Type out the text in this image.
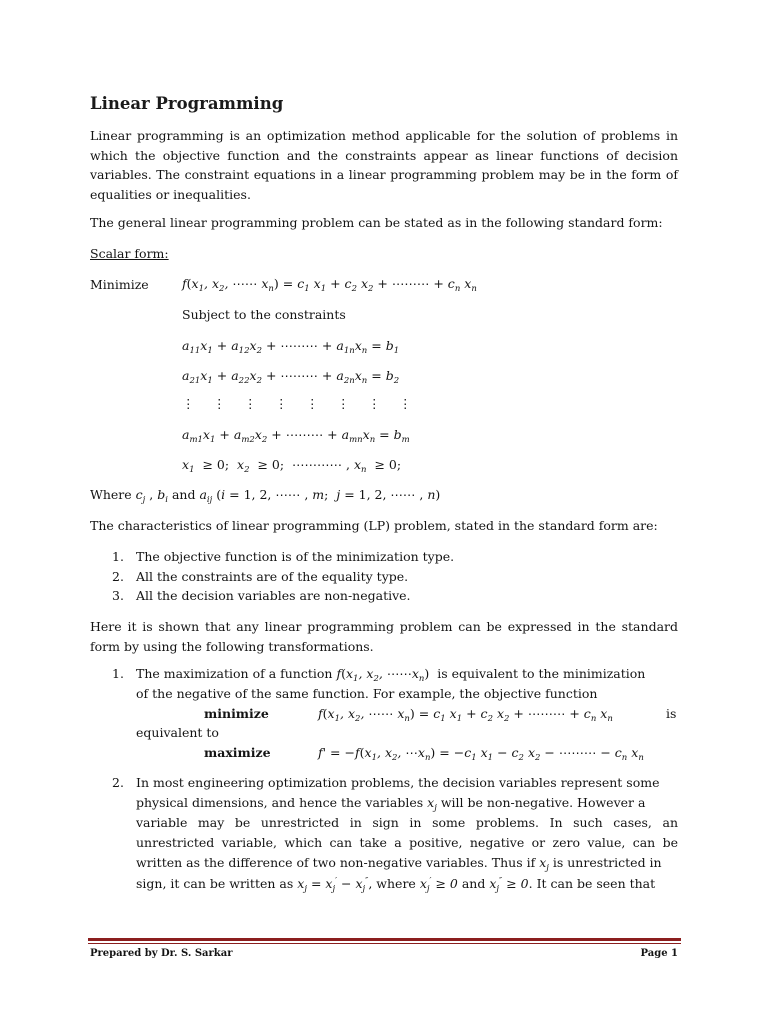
Linear Programming
Linear programming is an optimization method applicable for the solution of problems in which the objective function and the constraints appear as linear functions of decision variables. The constraint equations in a linear programming problem may be in the form of equalities or inequalities.
The general linear programming problem can be stated as in the following standard form:
Scalar form:
Minimize	$f(x_1$, $x_2$, ⋯⋯ $x_n) = c_1$ $x_1 + c_2$ $x_2$ + ⋯⋯⋯ + $c_n$ $x_n$
Subject to the constraints
$a_{11}x_1 + a_{12}x_2$ + ⋯⋯⋯ + $a_{1n}x_n = b_1$
$a_{21}x_1 + a_{22}x_2$ + ⋯⋯⋯ + $a_{2n}x_n = b_2$
⋮ ⋮ ⋮ ⋮ ⋮ ⋮ ⋮ ⋮
$a_{m1}x_1 + a_{m2}x_2$ + ⋯⋯⋯ + $a_{mn}x_n = b_m$
$x_1 \ge 0$;  $x_2 \ge 0$;  ⋯⋯⋯⋯ , $x_n \ge 0$;
Where $c_j$ , $b_i$ and $a_{ij}$ (i = 1, 2, ⋯⋯ , m;  j = 1, 2, ⋯⋯ , n)
The characteristics of linear programming (LP) problem, stated in the standard form are:
1. The objective function is of the minimization type.
2. All the constraints are of the equality type.
3. All the decision variables are non-negative.
Here it is shown that any linear programming problem can be expressed in the standard form by using the following transformations.
1. The maximization of a function $f(x_1$, $x_2$, $\cdots\cdots x_n$) is equivalent to the minimization
of the negative of the same function. For example, the objective function
minimize	$f(x_1$, $x_2$, ⋯⋯ $x_n) = c_1$ $x_1 + c_2$ $x_2$ + ⋯⋯⋯ + $c_n$ $x_n$	is
equivalent to
maximize	$f' = -f(x_1$, $x_2$, $\cdots x_n) = -c_1$ $x_1 - c_2$ $x_2$ − ⋯⋯⋯ − $c_n$ $x_n$
2. In most engineering optimization problems, the decision variables represent some
physical dimensions, and hence the variables $x_j$ will be non-negative. However a
variable may be unrestricted in sign in some problems. In such cases, an
unrestricted variable, which can take a positive, negative or zero value, can be
written as the difference of two non-negative variables. Thus if $x_j$ is unrestricted in
sign, it can be written as $x_j = x_j' - x_j''$, where $x_j' \ge 0$ and $x_j'' \ge 0$. It can be seen that
Prepared by Dr. S. Sarkar	Page 1
